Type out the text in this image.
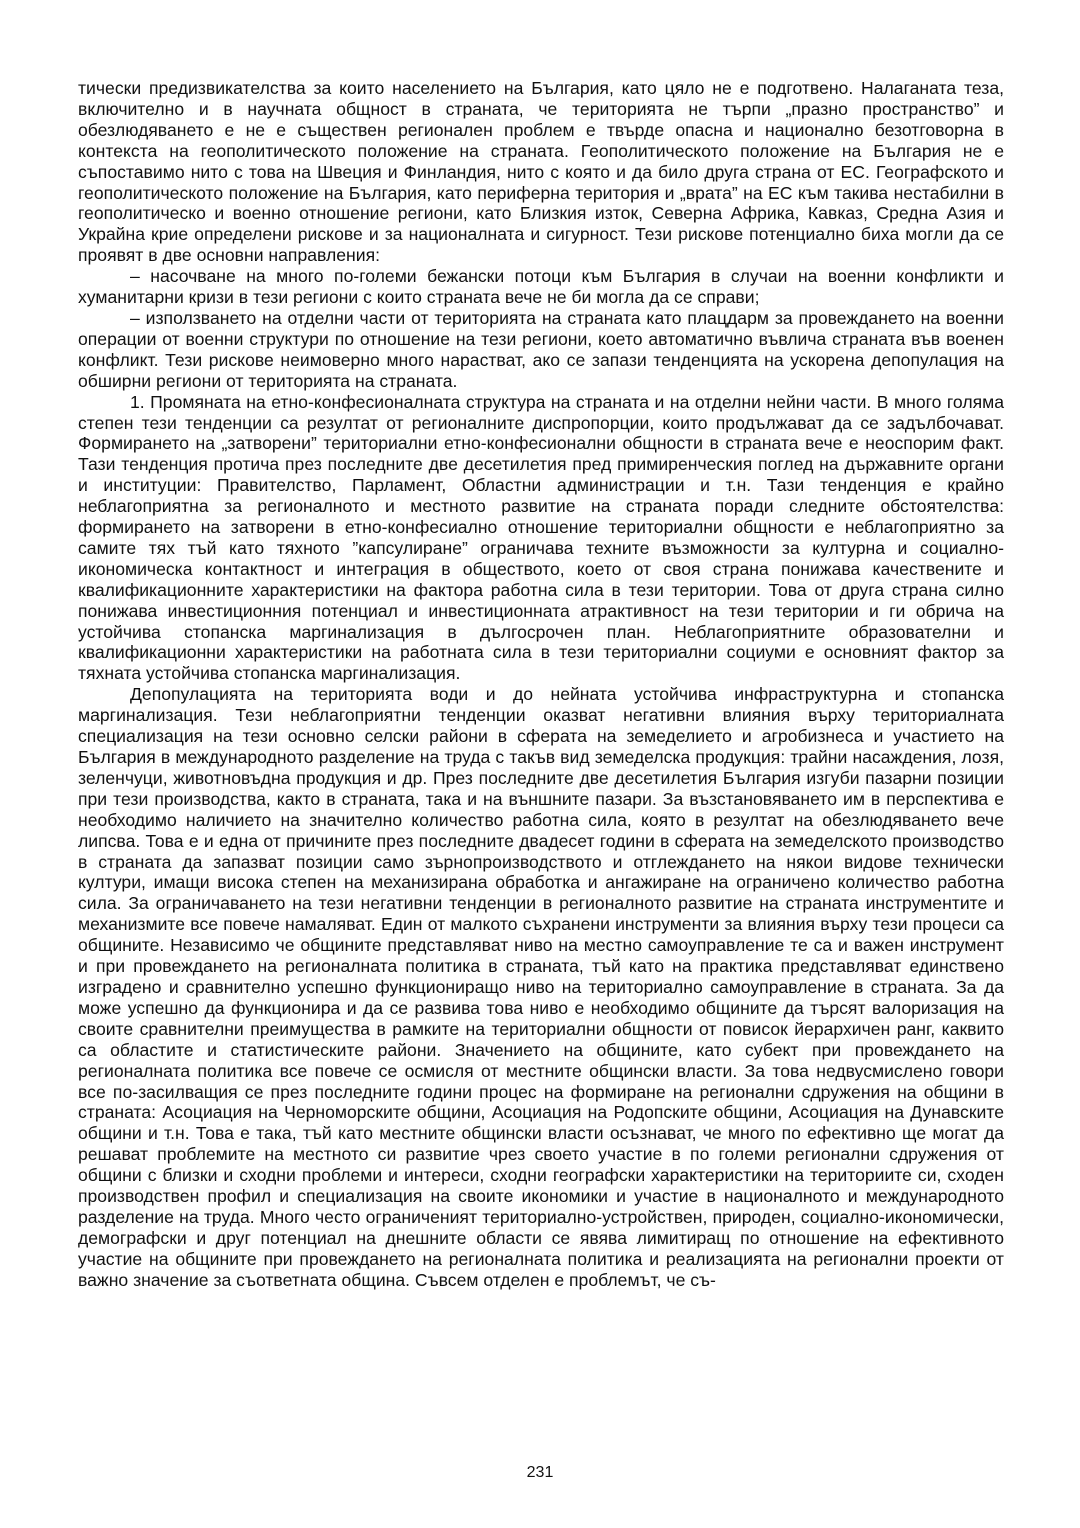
тически предизвикателства за които населението на България, като цяло не е подготвено. Налаганата теза, включително и в научната общност в страната, че територията не търпи „празно пространство” и обезлюдяването е не е съществен регионален проблем е твърде опасна и национално безотговорна в контекста на геополитическото положение на страната. Геополитическото положение на България не е съпоставимо нито с това на Швеция и Финландия, нито с която и да било друга страна от ЕС. Географското и геополитическото положение на България, като периферна територия и „врата” на ЕС към такива нестабилни в геополитическо и военно отношение региони, като Близкия изток, Северна Африка, Кавказ, Средна Азия и Украйна крие определени рискове и за националната и сигурност. Тези рискове потенциално биха могли да се проявят в две основни направления:

– насочване на много по-големи бежански потоци към България в случаи на военни конфликти и хуманитарни кризи в тези региони с които страната вече не би могла да се справи;

– използването на отделни части от територията на страната като плацдарм за провеждането на военни операции от военни структури по отношение на тези региони, което автоматично въвлича страната във военен конфликт. Тези рискове неимоверно много нарастват, ако се запази тенденцията на ускорена депопулация на обширни региони от територията на страната.

1. Промяната на етно-конфесионалната структура на страната и на отделни нейни части. В много голяма степен тези тенденции са резултат от регионалните диспропорции, които продължават да се задълбочават. Формирането на „затворени” териториални етно-конфесионални общности в страната вече е неоспорим факт. Тази тенденция протича през последните две десетилетия пред примиренческия поглед на държавните органи и институции: Правителство, Парламент, Областни администрации и т.н. Тази тенденция е крайно неблагоприятна за регионалното и местното развитие на страната поради следните обстоятелства: формирането на затворени в етно-конфесиално отношение териториални общности е неблагоприятно за самите тях тъй като тяхното ”капсулиране” ограничава техните възможности за културна и социално-икономическа контактност и интеграция в обществото, което от своя страна понижава качествените и квалификационните характеристики на фактора работна сила в тези територии. Това от друга страна силно понижава инвестиционния потенциал и инвестиционната атрактивност на тези територии и ги обрича на устойчива стопанска маргинализация в дългосрочен план. Неблагоприятните образователни и квалификационни характеристики на работната сила в тези териториални социуми е основният фактор за тяхната устойчива стопанска маргинализация.

Депопулацията на територията води и до нейната устойчива инфраструктурна и стопанска маргинализация. Тези неблагоприятни тенденции оказват негативни влияния върху териториалната специализация на тези основно селски райони в сферата на земеделието и агробизнеса и участието на България в международното разделение на труда с такъв вид земеделска продукция: трайни насаждения, лозя, зеленчуци, животновъдна продукция и др. През последните две десетилетия България изгуби пазарни позиции при тези производства, както в страната, така и на външните пазари. За възстановяването им в перспектива е необходимо наличието на значително количество работна сила, която в резултат на обезлюдяването вече липсва. Това е и една от причините през последните двадесет години в сферата на земеделското производство в страната да запазват позиции само зърнопроизводството и отглеждането на някои видове технически култури, имащи висока степен на механизирана обработка и ангажиране на ограничено количество работна сила. За ограничаването на тези негативни тенденции в регионалното развитие на страната инструментите и механизмите все повече намаляват. Един от малкото съхранени инструменти за влияния върху тези процеси са общините. Независимо че общините представляват ниво на местно самоуправление те са и важен инструмент и при провеждането на регионалната политика в страната, тъй като на практика представляват единствено изградено и сравнително успешно функциониращо ниво на териториално самоуправление в страната. За да може успешно да функционира и да се развива това ниво е необходимо общините да търсят валоризация на своите сравнителни преимущества в рамките на териториални общности от повисок йерархичен ранг, каквито са областите и статистическите райони. Значението на общините, като субект при провеждането на регионалната политика все повече се осмисля от местните общински власти. За това недвусмислено говори все по-засилващия се през последните години процес на формиране на регионални сдружения на общини в страната: Асоциация на Черноморските общини, Асоциация на Родопските общини, Асоциация на Дунавските общини и т.н. Това е така, тъй като местните общински власти осъзнават, че много по ефективно ще могат да решават проблемите на местното си развитие чрез своето участие в по големи регионални сдружения от общини с близки и сходни проблеми и интереси, сходни географски характеристики на териториите си, сходен производствен профил и специализация на своите икономики и участие в националното и международното разделение на труда. Много често ограниченият териториално-устройствен, природен, социално-икономически, демографски и друг потенциал на днешните области се явява лимитиращ по отношение на ефективното участие на общините при провеждането на регионалната политика и реализацията на регионални проекти от важно значение за съответната община. Съвсем отделен е проблемът, че съ-

231
